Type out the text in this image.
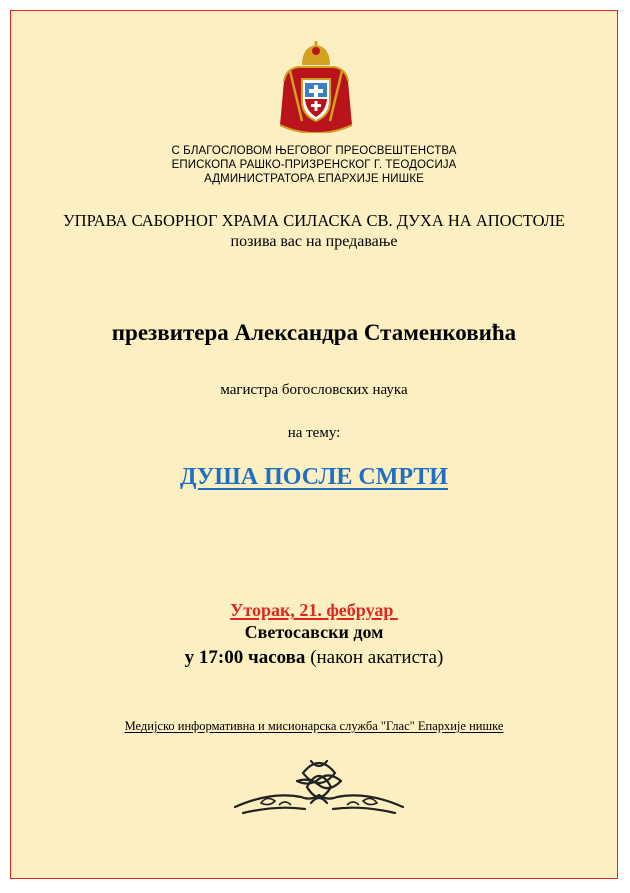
С БЛАГОСЛОВОМ ЊЕГОВОГ ПРЕОСВЕШТЕНСТВА
ЕПИСКОПА РАШКО-ПРИЗРЕНСКОГ Г. ТЕОДОСИЈА
АДМИНИСТРАТОРА ЕПАРХИЈЕ НИШКЕ
УПРАВА САБОРНОГ ХРАМА СИЛАСКА СВ. ДУХА НА АПОСТОЛЕ
позива вас на предавање
презвитера Александра Стаменковића
магистра богословских наука
на тему:
ДУША ПОСЛЕ СМРТИ
Уторак, 21. фебруар
Светосавски дом
у 17:00 часова (након акатиста)
Медијско информативна и мисионарска служба "Глас" Епархије нишке
